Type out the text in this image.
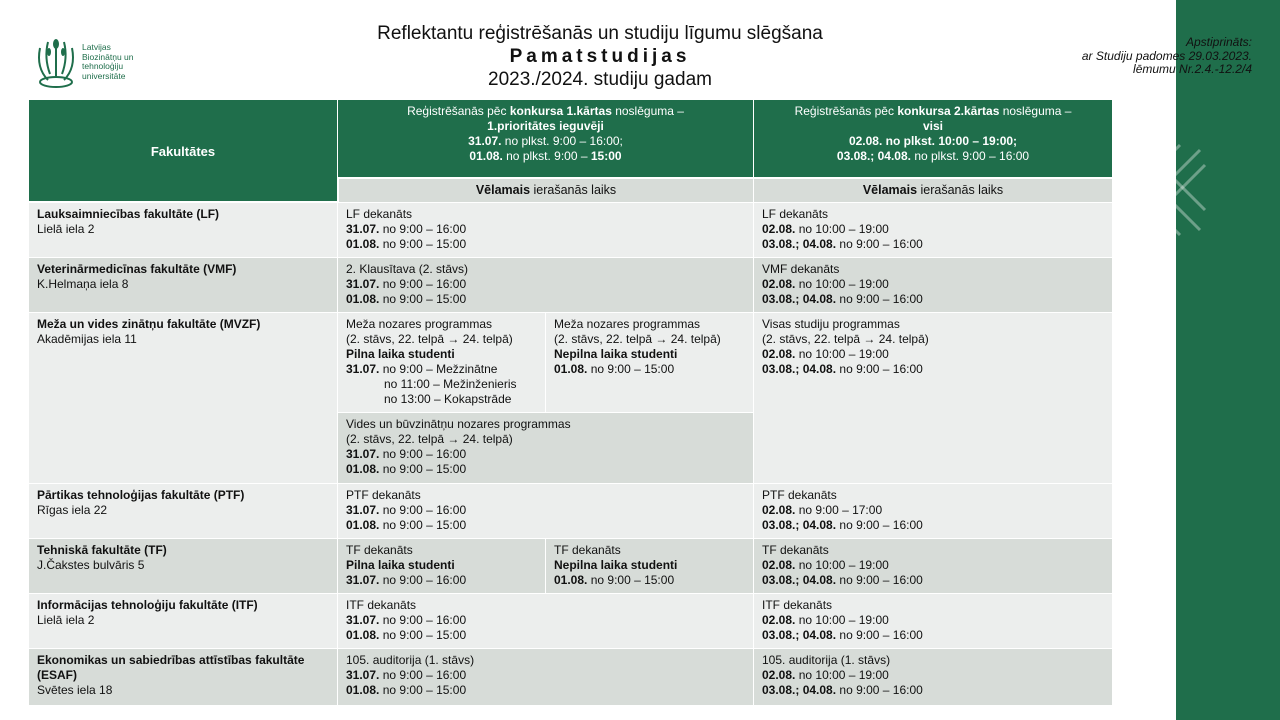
Latvijas
Biozinātņu un
tehnoloģiju
universitāte
Reflektantu reģistrēšanās un studiju līgumu slēgšana
Pamatstudijas
2023./2024. studiju gadam
Apstiprināts:
ar Studiju padomes 29.03.2023.
lēmumu Nr.2.4.-12.2/4
Fakultātes
Reģistrēšanās pēc konkursa 1.kārtas noslēguma –
1.prioritātes ieguvēji
31.07. no plkst. 9:00 – 16:00;
01.08. no plkst. 9:00 – 15:00
Reģistrēšanās pēc konkursa 2.kārtas noslēguma –
visi
02.08. no plkst. 10:00 – 19:00;
03.08.; 04.08. no plkst. 9:00 – 16:00
Vēlamais ierašanās laiks	Vēlamais ierašanās laiks
Lauksaimniecības fakultāte (LF)
Lielā iela 2
LF dekanāts
31.07. no 9:00 – 16:00
01.08. no 9:00 – 15:00
LF dekanāts
02.08. no 10:00 – 19:00
03.08.; 04.08. no 9:00 – 16:00
Veterinārmedicīnas fakultāte (VMF)
K.Helmaņa iela 8
2. Klausītava (2. stāvs)
31.07. no 9:00 – 16:00
01.08. no 9:00 – 15:00
VMF dekanāts
02.08. no 10:00 – 19:00
03.08.; 04.08. no 9:00 – 16:00
Meža un vides zinātņu fakultāte (MVZF)
Akadēmijas iela 11
Meža nozares programmas
(2. stāvs, 22. telpā → 24. telpā)
Pilna laika studenti
31.07. no 9:00 – Mežzinātne
no 11:00 – Mežinženieris
no 13:00 – Kokapstrāde
Meža nozares programmas
(2. stāvs, 22. telpā → 24. telpā)
Nepilna laika studenti
01.08. no 9:00 – 15:00
Vides un būvzinātņu nozares programmas
(2. stāvs, 22. telpā → 24. telpā)
31.07. no 9:00 – 16:00
01.08. no 9:00 – 15:00
Visas studiju programmas
(2. stāvs, 22. telpā → 24. telpā)
02.08. no 10:00 – 19:00
03.08.; 04.08. no 9:00 – 16:00
Pārtikas tehnoloģijas fakultāte (PTF)
Rīgas iela 22
PTF dekanāts
31.07. no 9:00 – 16:00
01.08. no 9:00 – 15:00
PTF dekanāts
02.08. no 9:00 – 17:00
03.08.; 04.08. no 9:00 – 16:00
Tehniskā fakultāte (TF)
J.Čakstes bulvāris 5
TF dekanāts
Pilna laika studenti
31.07. no 9:00 – 16:00
TF dekanāts
Nepilna laika studenti
01.08. no 9:00 – 15:00
TF dekanāts
02.08. no 10:00 – 19:00
03.08.; 04.08. no 9:00 – 16:00
Informācijas tehnoloģiju fakultāte (ITF)
Lielā iela 2
ITF dekanāts
31.07. no 9:00 – 16:00
01.08. no 9:00 – 15:00
ITF dekanāts
02.08. no 10:00 – 19:00
03.08.; 04.08. no 9:00 – 16:00
Ekonomikas un sabiedrības attīstības fakultāte (ESAF)
Svētes iela 18
105. auditorija (1. stāvs)
31.07. no 9:00 – 16:00
01.08. no 9:00 – 15:00
105. auditorija (1. stāvs)
02.08. no 10:00 – 19:00
03.08.; 04.08. no 9:00 – 16:00
